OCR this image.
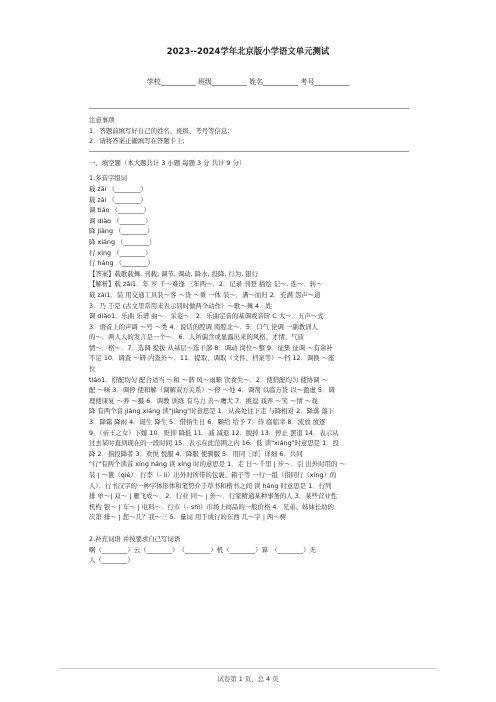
2023--2024学年北京版小学语文单元测试
学校__________ 班级__________ 姓名__________ 考号__________

注意事项

1．答题前填写好自己的姓名、班级、考号等信息;

2．请将答案正确填写在答题卡上;

一、填空题（本大题共计 3 小题 每题 3 分 共计 9 分）

1.多音字组词

载 zǎi （________）

载 zài （________）

调 tiáo （________）

调 diào （________）

降 jiàng （________）

降 xiáng （________）

行 xíng （________）

行 háng （________）

【答案】载歌载舞, 刊载, 调节, 调动, 降水, 投降, 行为, 银行

【解析】载 zǎi1．年 岁 千～难逢 三年两～．2．记录 刊登 描绘 记～. 连～．转～

载 zài1．装 用交通工具装～客 ～货 ～重 一体 装～．满～而归 2．充满 怨声～道

3．乃 于是 (古文里常用来表示同时做两个动作）～歌～舞 4．姓

调 diào1．乐曲 乐谱 曲～．采菱～．2．乐曲定音的基调或音阶 C 大～．五声～式

3．语音上的声调 ～号 ～类 4．说话的腔调 南腔北～．5．口气 论调 一副教训人

的～．两人人的发言是一个～．6．人所偏含或显露出来的风格、才情、气质

情～．格～．7．选调 提拔 从基层～选干部 8．调动 岗位～整 9．征集 征调 ～有余补

不足 10．调查 ～研 内查外～．11．提取、调取（文件、档案等）～档 12．调换 ～座

位

tiáo1．搭配均匀 配合适当 ～和 ～谐 风～雨顺 饮食失～．2．使搭配均匀 使协调 ～

配 ～味 3．调停 使和解（调解双方关系）～停 ～处 4．调剂 以临万货 以～盈虚 5．调

理使康复 ～养 ～摄 6．调教 训练 有鸟力 善～鹰犬 7．挑逗 戏弄 ～笑 ～情 ～戏

降 有两个音 jiàng xiáng 读"jiàng"时意思是 1．从高处往下走 与降相对 2．降落 落下

3．降霜 降雨 4．诞生 降生 5．借指生日 6．颗给 给予 7．侍 临临幸 8．流放 放逐

9．（帝王之女）下嫁 10．贬抑 降低 11．减 减退 12．脱掉 13．停止 罢退 14．表示从

过去某时直到现在的一段时间 15．表示在此范围之内 16．低 读"xiáng"时意思是 1．投

降 2．指投降者 3．欢悦 悦服 4．降服 使驯服 5．用同［详］详细 6．共同

"行"有两个读音 xíng háng 读 xíng 时的意思是 1．走 日～千里 | 步～．引 出外时用的 ～

装 | ～篋（qiè）．行李（- li）出外时所带的包裹、箱子等 一行一组（指同行（xíng）的

人）．行书汉字的一种字体形体和笔势介于草书和楷书之间 读 háng 时意思是 1．行列

排 单～| 双～ | 雁飞成～．2．行业 同～ | 外～．行家精通某种事务的人 3．某些营业性

机构 银～ | 车～ | 电料～．行市（- shì）市场上商品的一般价格 4．兄弟、姊妹长幼的

次第 排～ | 您～几？我～三 5．量词 用于成行的东西 几～字 | 两～树

2.补充词语 并按要求自己写词语

啊（________）云（________）　（________）机（________）算　（________）无

人（________）

试卷第 1 页，总 4 页
